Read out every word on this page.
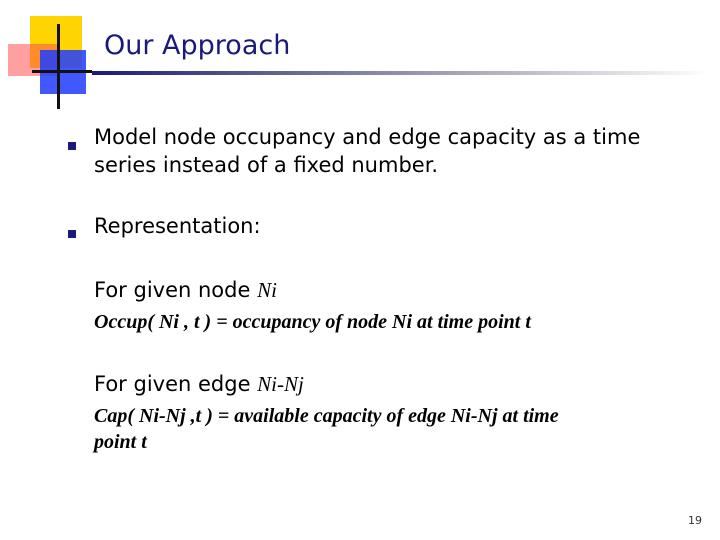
Our Approach
Model node occupancy and edge capacity as a time
series instead of a fixed number.
Representation:
For given node Ni
Occup( Ni , t ) = occupancy of node Ni at time point t
For given edge Ni-Nj
Cap( Ni-Nj ,t ) = available capacity of edge Ni-Nj at time
point t
19
